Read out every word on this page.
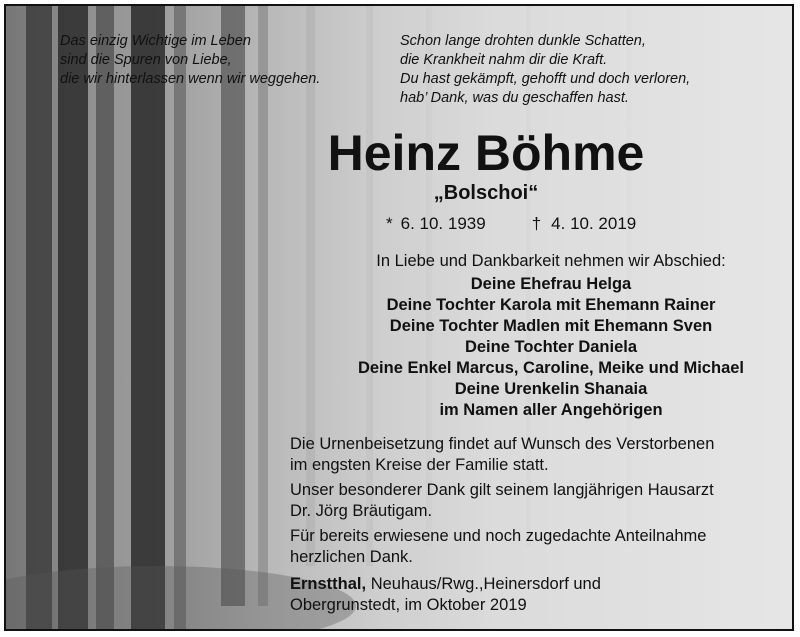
Das einzig Wichtige im Leben
sind die Spuren von Liebe,
die wir hinterlassen wenn wir weggehen.
Schon lange drohten dunkle Schatten,
die Krankheit nahm dir die Kraft.
Du hast gekämpft, gehofft und doch verloren,
hab’ Dank, was du geschaffen hast.
Heinz Böhme
„Bolschoi“
* 6. 10. 1939	† 4. 10. 2019
In Liebe und Dankbarkeit nehmen wir Abschied:
Deine Ehefrau Helga
Deine Tochter Karola mit Ehemann Rainer
Deine Tochter Madlen mit Ehemann Sven
Deine Tochter Daniela
Deine Enkel Marcus, Caroline, Meike und Michael
Deine Urenkelin Shanaia
im Namen aller Angehörigen
Die Urnenbeisetzung findet auf Wunsch des Verstorbenen
im engsten Kreise der Familie statt.
Unser besonderer Dank gilt seinem langjährigen Hausarzt
Dr. Jörg Bräutigam.
Für bereits erwiesene und noch zugedachte Anteilnahme
herzlichen Dank.
Ernstthal, Neuhaus/Rwg.,Heinersdorf und
Obergrunstedt, im Oktober 2019
